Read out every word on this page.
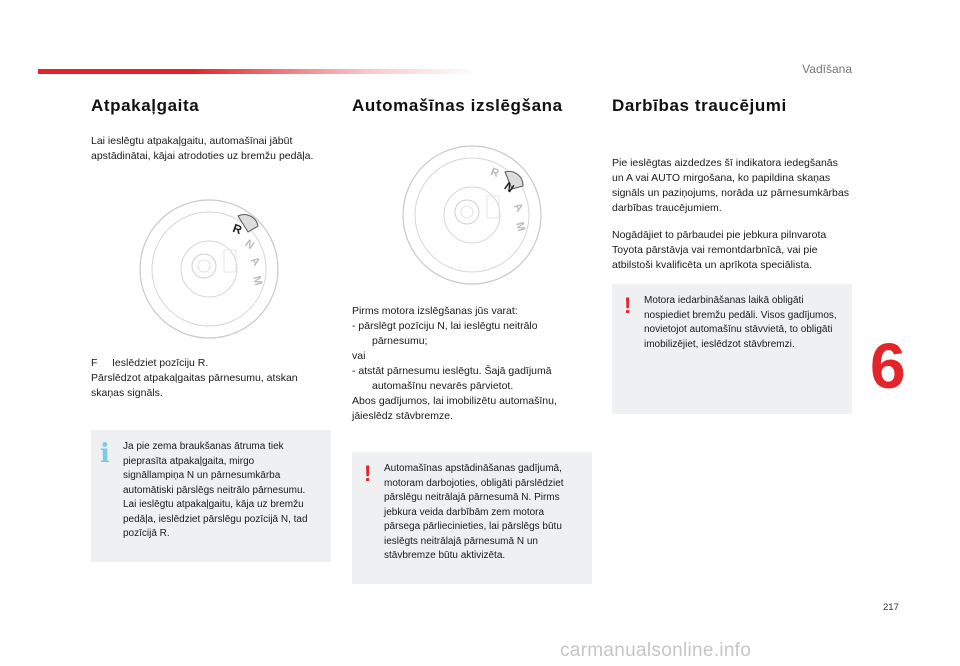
Vadīšana
Atpakaļgaita

Lai ieslēgtu atpakaļgaitu, automašīnai jābūt apstādinātai, kājai atrodoties uz bremžu pedāļa.

R
N
A
M

F Ieslēdziet pozīciju R.

Pārslēdzot atpakaļgaitas pārnesumu, atskan skaņas signāls.

i Ja pie zema braukšanas ātruma tiek pieprasīta atpakaļgaita, mirgo signāllampiņa N un pārnesumkārba automātiski pārslēgs neitrālo pārnesumu. Lai ieslēgtu atpakaļgaitu, kāja uz bremžu pedāļa, ieslēdziet pārslēgu pozīcijā N, tad pozīcijā R.
Automašīnas izslēgšana
R
N
A
M

Pirms motora izslēgšanas jūs varat:

- pārslēgt pozīciju N, lai ieslēgtu neitrālo

pārnesumu;

vai

- atstāt pārnesumu ieslēgtu. Šajā gadījumā

automašīnu nevarēs pārvietot.

Abos gadījumos, lai imobilizētu automašīnu,

jāieslēdz stāvbremze.

! Automašīnas apstādināšanas gadījumā, motoram darbojoties, obligāti pārslēdziet pārslēgu neitrālajā pārnesumā N. Pirms jebkura veida darbībām zem motora pārsega pārliecinieties, lai pārslēgs būtu ieslēgts neitrālajā pārnesumā N un stāvbremze būtu aktivizēta.
Darbības traucējumi

Pie ieslēgtas aizdedzes šī indikatora iedegšanās un A vai AUTO mirgošana, ko papildina skaņas signāls un paziņojums, norāda uz pārnesumkārbas darbības traucējumiem.

Nogādājiet to pārbaudei pie jebkura pilnvarota Toyota pārstāvja vai remontdarbnīcā, vai pie atbilstoši kvalificēta un aprīkota speciālista.

! Motora iedarbināšanas laikā obligāti nospiediet bremžu pedāli. Visos gadījumos, novietojot automašīnu stāvvietā, to obligāti imobilizējiet, ieslēdzot stāvbremzi.	6
217
carmanualsonline.info
